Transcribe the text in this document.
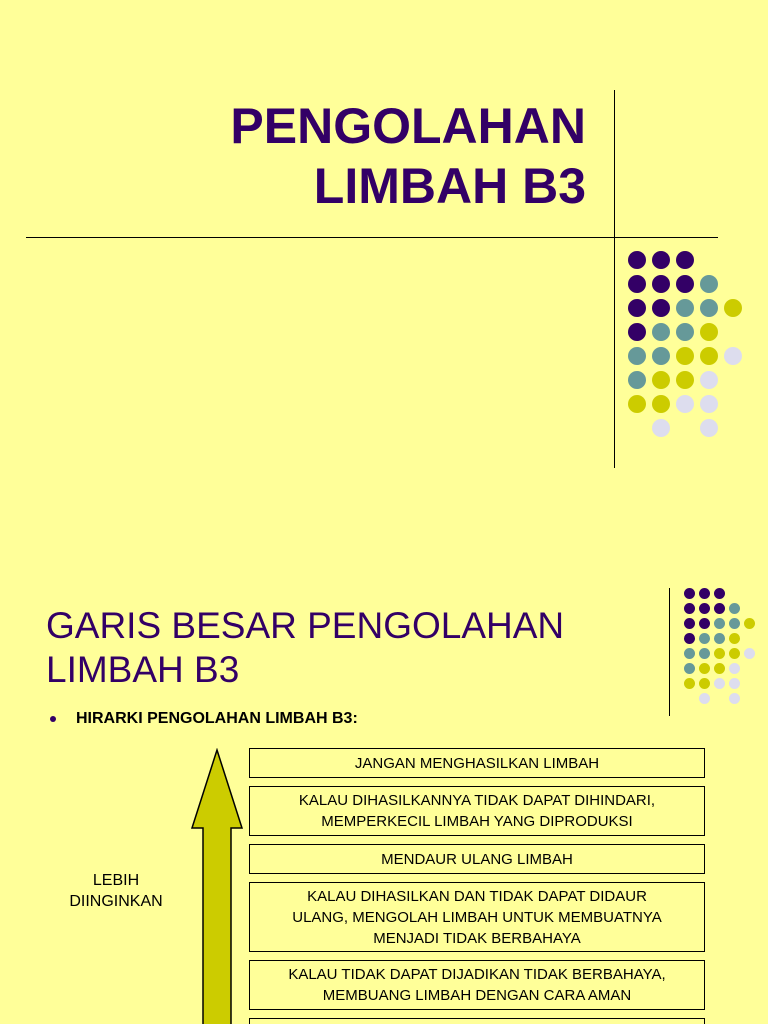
PENGOLAHAN
LIMBAH B3
GARIS BESAR PENGOLAHAN
LIMBAH B3
HIRARKI PENGOLAHAN LIMBAH B3:
LEBIH
DIINGINKAN
JANGAN MENGHASILKAN LIMBAH
KALAU DIHASILKANNYA TIDAK DAPAT DIHINDARI,
MEMPERKECIL LIMBAH YANG DIPRODUKSI
MENDAUR ULANG LIMBAH
KALAU DIHASILKAN DAN TIDAK DAPAT DIDAUR
ULANG, MENGOLAH LIMBAH UNTUK MEMBUATNYA
MENJADI TIDAK BERBAHAYA
KALAU TIDAK DAPAT DIJADIKAN TIDAK BERBAHAYA,
MEMBUANG LIMBAH DENGAN CARA AMAN
